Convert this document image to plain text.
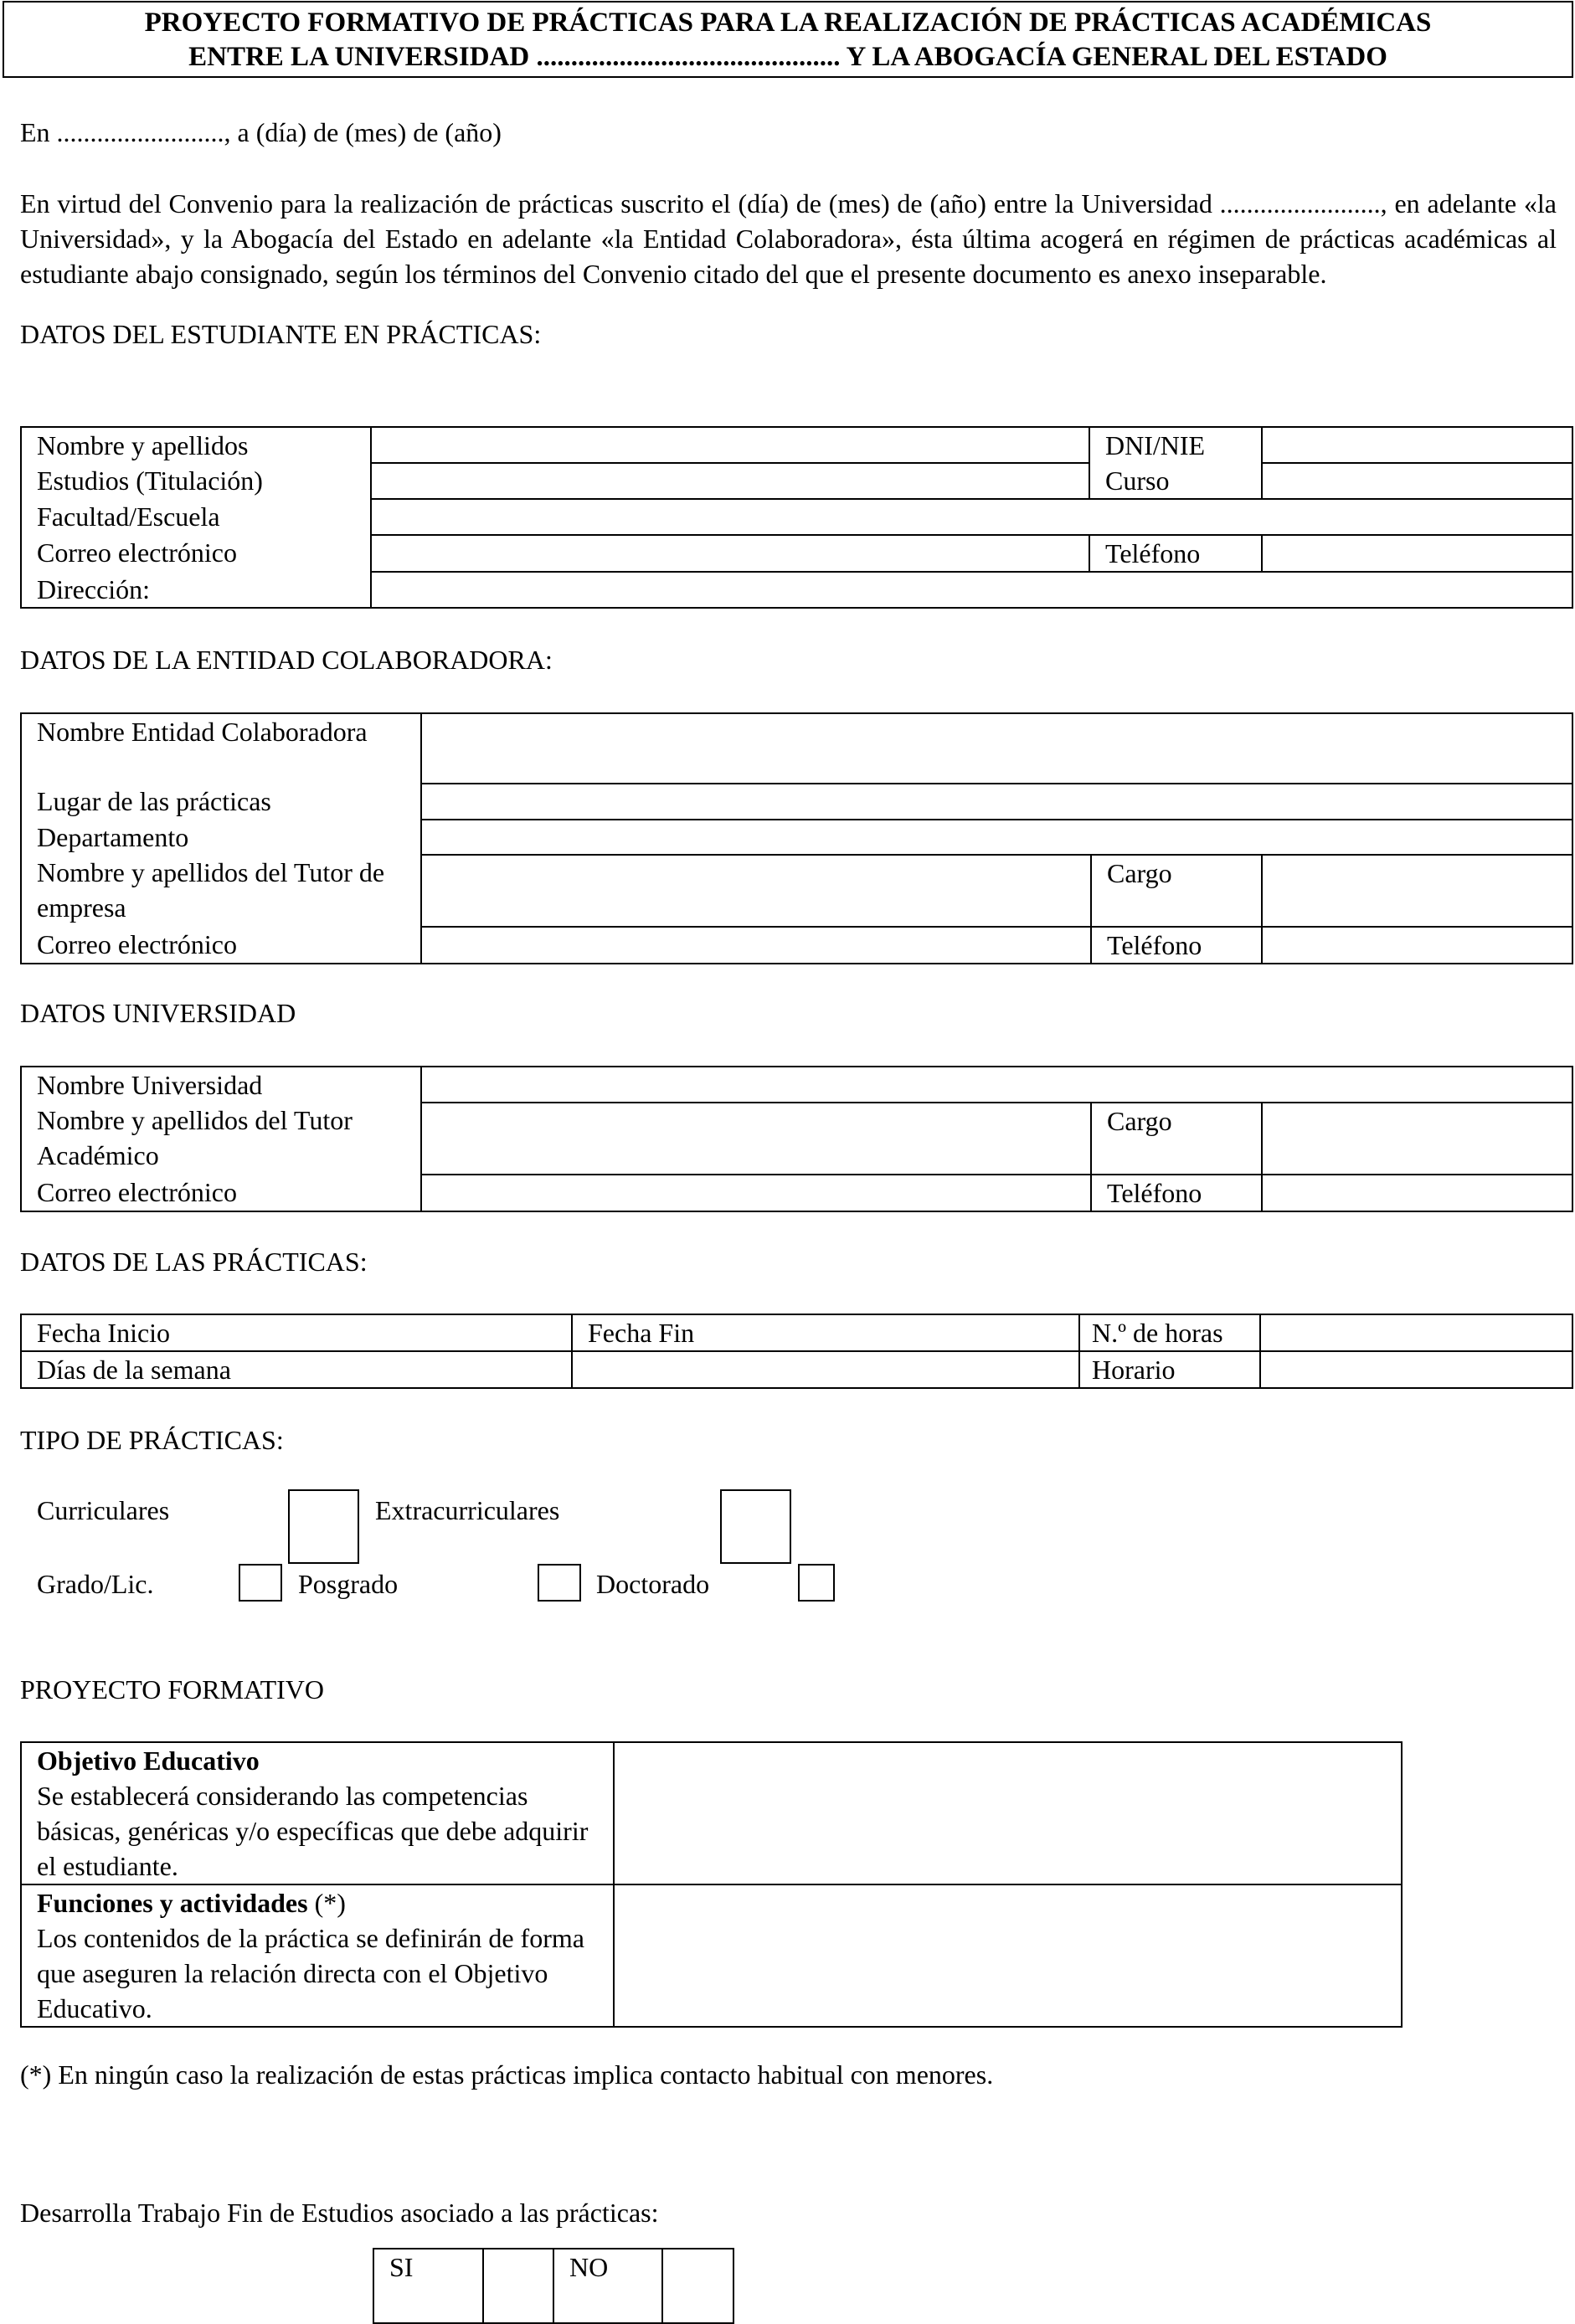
PROYECTO FORMATIVO DE PRÁCTICAS PARA LA REALIZACIÓN DE PRÁCTICAS ACADÉMICAS
ENTRE LA UNIVERSIDAD ............................................ Y LA ABOGACÍA GENERAL DEL ESTADO
En ........................., a (día) de (mes) de (año)
En virtud del Convenio para la realización de prácticas suscrito el (día) de (mes) de (año) entre la Universidad ........................, en adelante «la Universidad», y la Abogacía del Estado en adelante «la Entidad Colaboradora», ésta última acogerá en régimen de prácticas académicas al estudiante abajo consignado, según los términos del Convenio citado del que el presente documento es anexo inseparable.
DATOS DEL ESTUDIANTE EN PRÁCTICAS:
Nombre y apellidos		DNI/NIE	
Estudios (Titulación)		Curso	
Facultad/Escuela			
Correo electrónico		Teléfono	
Dirección:			
DATOS DE LA ENTIDAD COLABORADORA:
Nombre Entidad Colaboradora			
Lugar de las prácticas			
Departamento			
Nombre y apellidos del Tutor de empresa		Cargo	
Correo electrónico		Teléfono	
DATOS UNIVERSIDAD
Nombre Universidad			
Nombre y apellidos del Tutor Académico		Cargo	
Correo electrónico		Teléfono	
DATOS DE LAS PRÁCTICAS:
Fecha Inicio	Fecha Fin	N.º de horas	
Días de la semana		Horario	
TIPO DE PRÁCTICAS:
Curriculares	Extracurriculares
Grado/Lic.	Posgrado	Doctorado
PROYECTO FORMATIVO
Objetivo Educativo
Se establecerá considerando las competencias básicas, genéricas y/o específicas que debe adquirir el estudiante.	

Funciones y actividades (*)
Los contenidos de la práctica se definirán de forma que aseguren la relación directa con el Objetivo Educativo.	

(*) En ningún caso la realización de estas prácticas implica contacto habitual con menores.
Desarrolla Trabajo Fin de Estudios asociado a las prácticas:
SI		NO	
